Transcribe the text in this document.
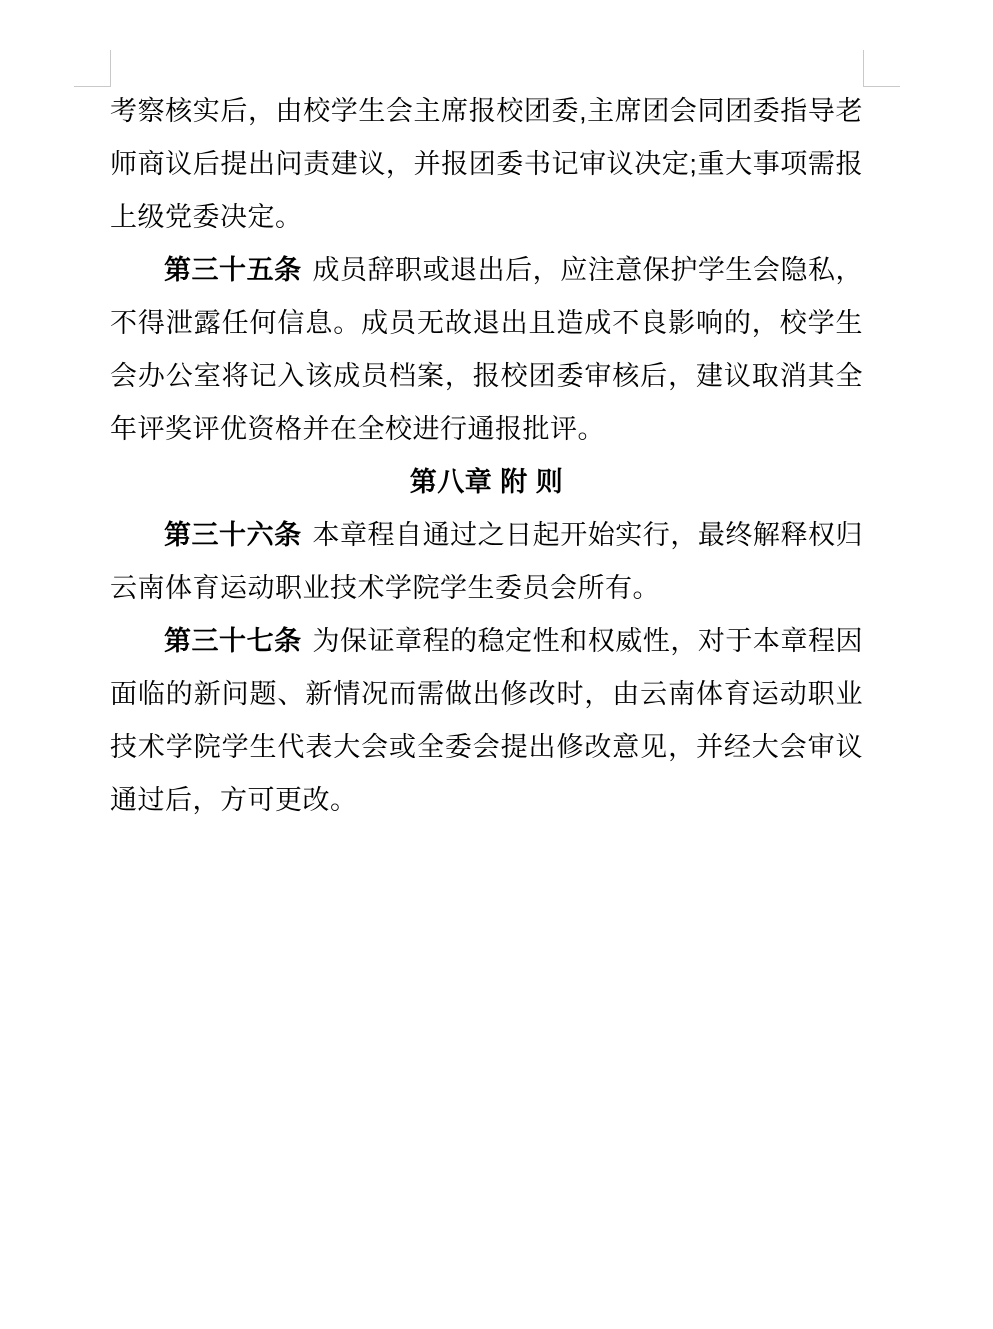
考察核实后，由校学生会主席报校团委,主席团会同团委指导老师商议后提出问责建议，并报团委书记审议决定;重大事项需报上级党委决定。

第三十五条 成员辞职或退出后，应注意保护学生会隐私，不得泄露任何信息。成员无故退出且造成不良影响的，校学生会办公室将记入该成员档案，报校团委审核后，建议取消其全年评奖评优资格并在全校进行通报批评。

第八章 附 则

第三十六条 本章程自通过之日起开始实行，最终解释权归云南体育运动职业技术学院学生委员会所有。

第三十七条 为保证章程的稳定性和权威性，对于本章程因面临的新问题、新情况而需做出修改时，由云南体育运动职业技术学院学生代表大会或全委会提出修改意见，并经大会审议通过后，方可更改。
